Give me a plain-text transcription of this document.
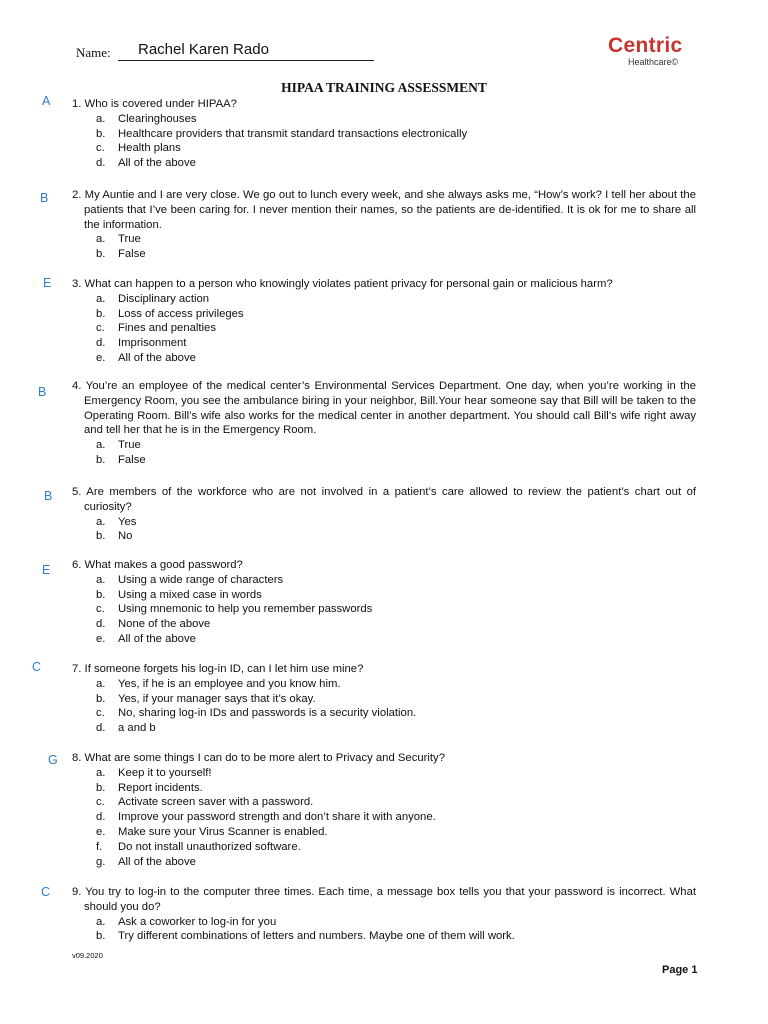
Name: Rachel Karen Rado	Centric
Healthcare©
HIPAA TRAINING ASSESSMENT
A 1. Who is covered under HIPAA?
a. Clearinghouses
b. Healthcare providers that transmit standard transactions electronically
c. Health plans
d. All of the above
B 2. My Auntie and I are very close. We go out to lunch every week, and she always asks me, “How’s work? I tell her about the patients that I’ve been caring for. I never mention their names, so the patients are de-identified. It is ok for me to share all the information.
a. True
b. False
E 3. What can happen to a person who knowingly violates patient privacy for personal gain or malicious harm?
a. Disciplinary action
b. Loss of access privileges
c. Fines and penalties
d. Imprisonment
e. All of the above
B 4. You’re an employee of the medical center’s Environmental Services Department. One day, when you’re working in the Emergency Room, you see the ambulance biring in your neighbor, Bill.Your hear someone say that Bill will be taken to the Operating Room. Bill’s wife also works for the medical center in another department. You should call Bill’s wife right away and tell her that he is in the Emergency Room.
a. True
b. False
B 5. Are members of the workforce who are not involved in a patient’s care allowed to review the patient’s chart out of curiosity?
a. Yes
b. No
E 6. What makes a good password?
a. Using a wide range of characters
b. Using a mixed case in words
c. Using mnemonic to help you remember passwords
d. None of the above
e. All of the above
C	7. If someone forgets his log-in ID, can I let him use mine?
a. Yes, if he is an employee and you know him.
b. Yes, if your manager says that it’s okay.
c. No, sharing log-in IDs and passwords is a security violation.
d. a and b
G 8. What are some things I can do to be more alert to Privacy and Security?
a. Keep it to yourself!
b. Report incidents.
c. Activate screen saver with a password.
d. Improve your password strength and don’t share it with anyone.
e. Make sure your Virus Scanner is enabled.
f. Do not install unauthorized software.
g. All of the above
C 9. You try to log-in to the computer three times. Each time, a message box tells you that your password is incorrect. What should you do?
a. Ask a coworker to log-in for you
b. Try different combinations of letters and numbers. Maybe one of them will work.
v09.2020
Page 1
